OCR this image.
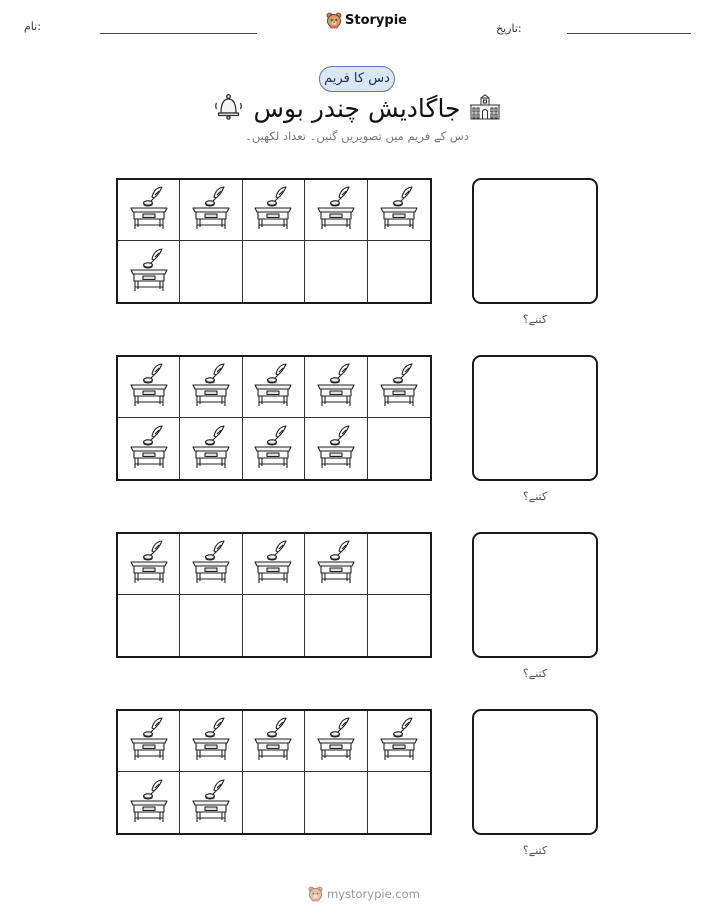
نام:	Storypie
تاریخ:
دس کا فریم
جاگادیش چندر بوس
دس کے فریم میں تصویریں گنیں۔ تعداد لکھیں۔
کتنے؟
کتنے؟
کتنے؟
کتنے؟
mystorypie.com
